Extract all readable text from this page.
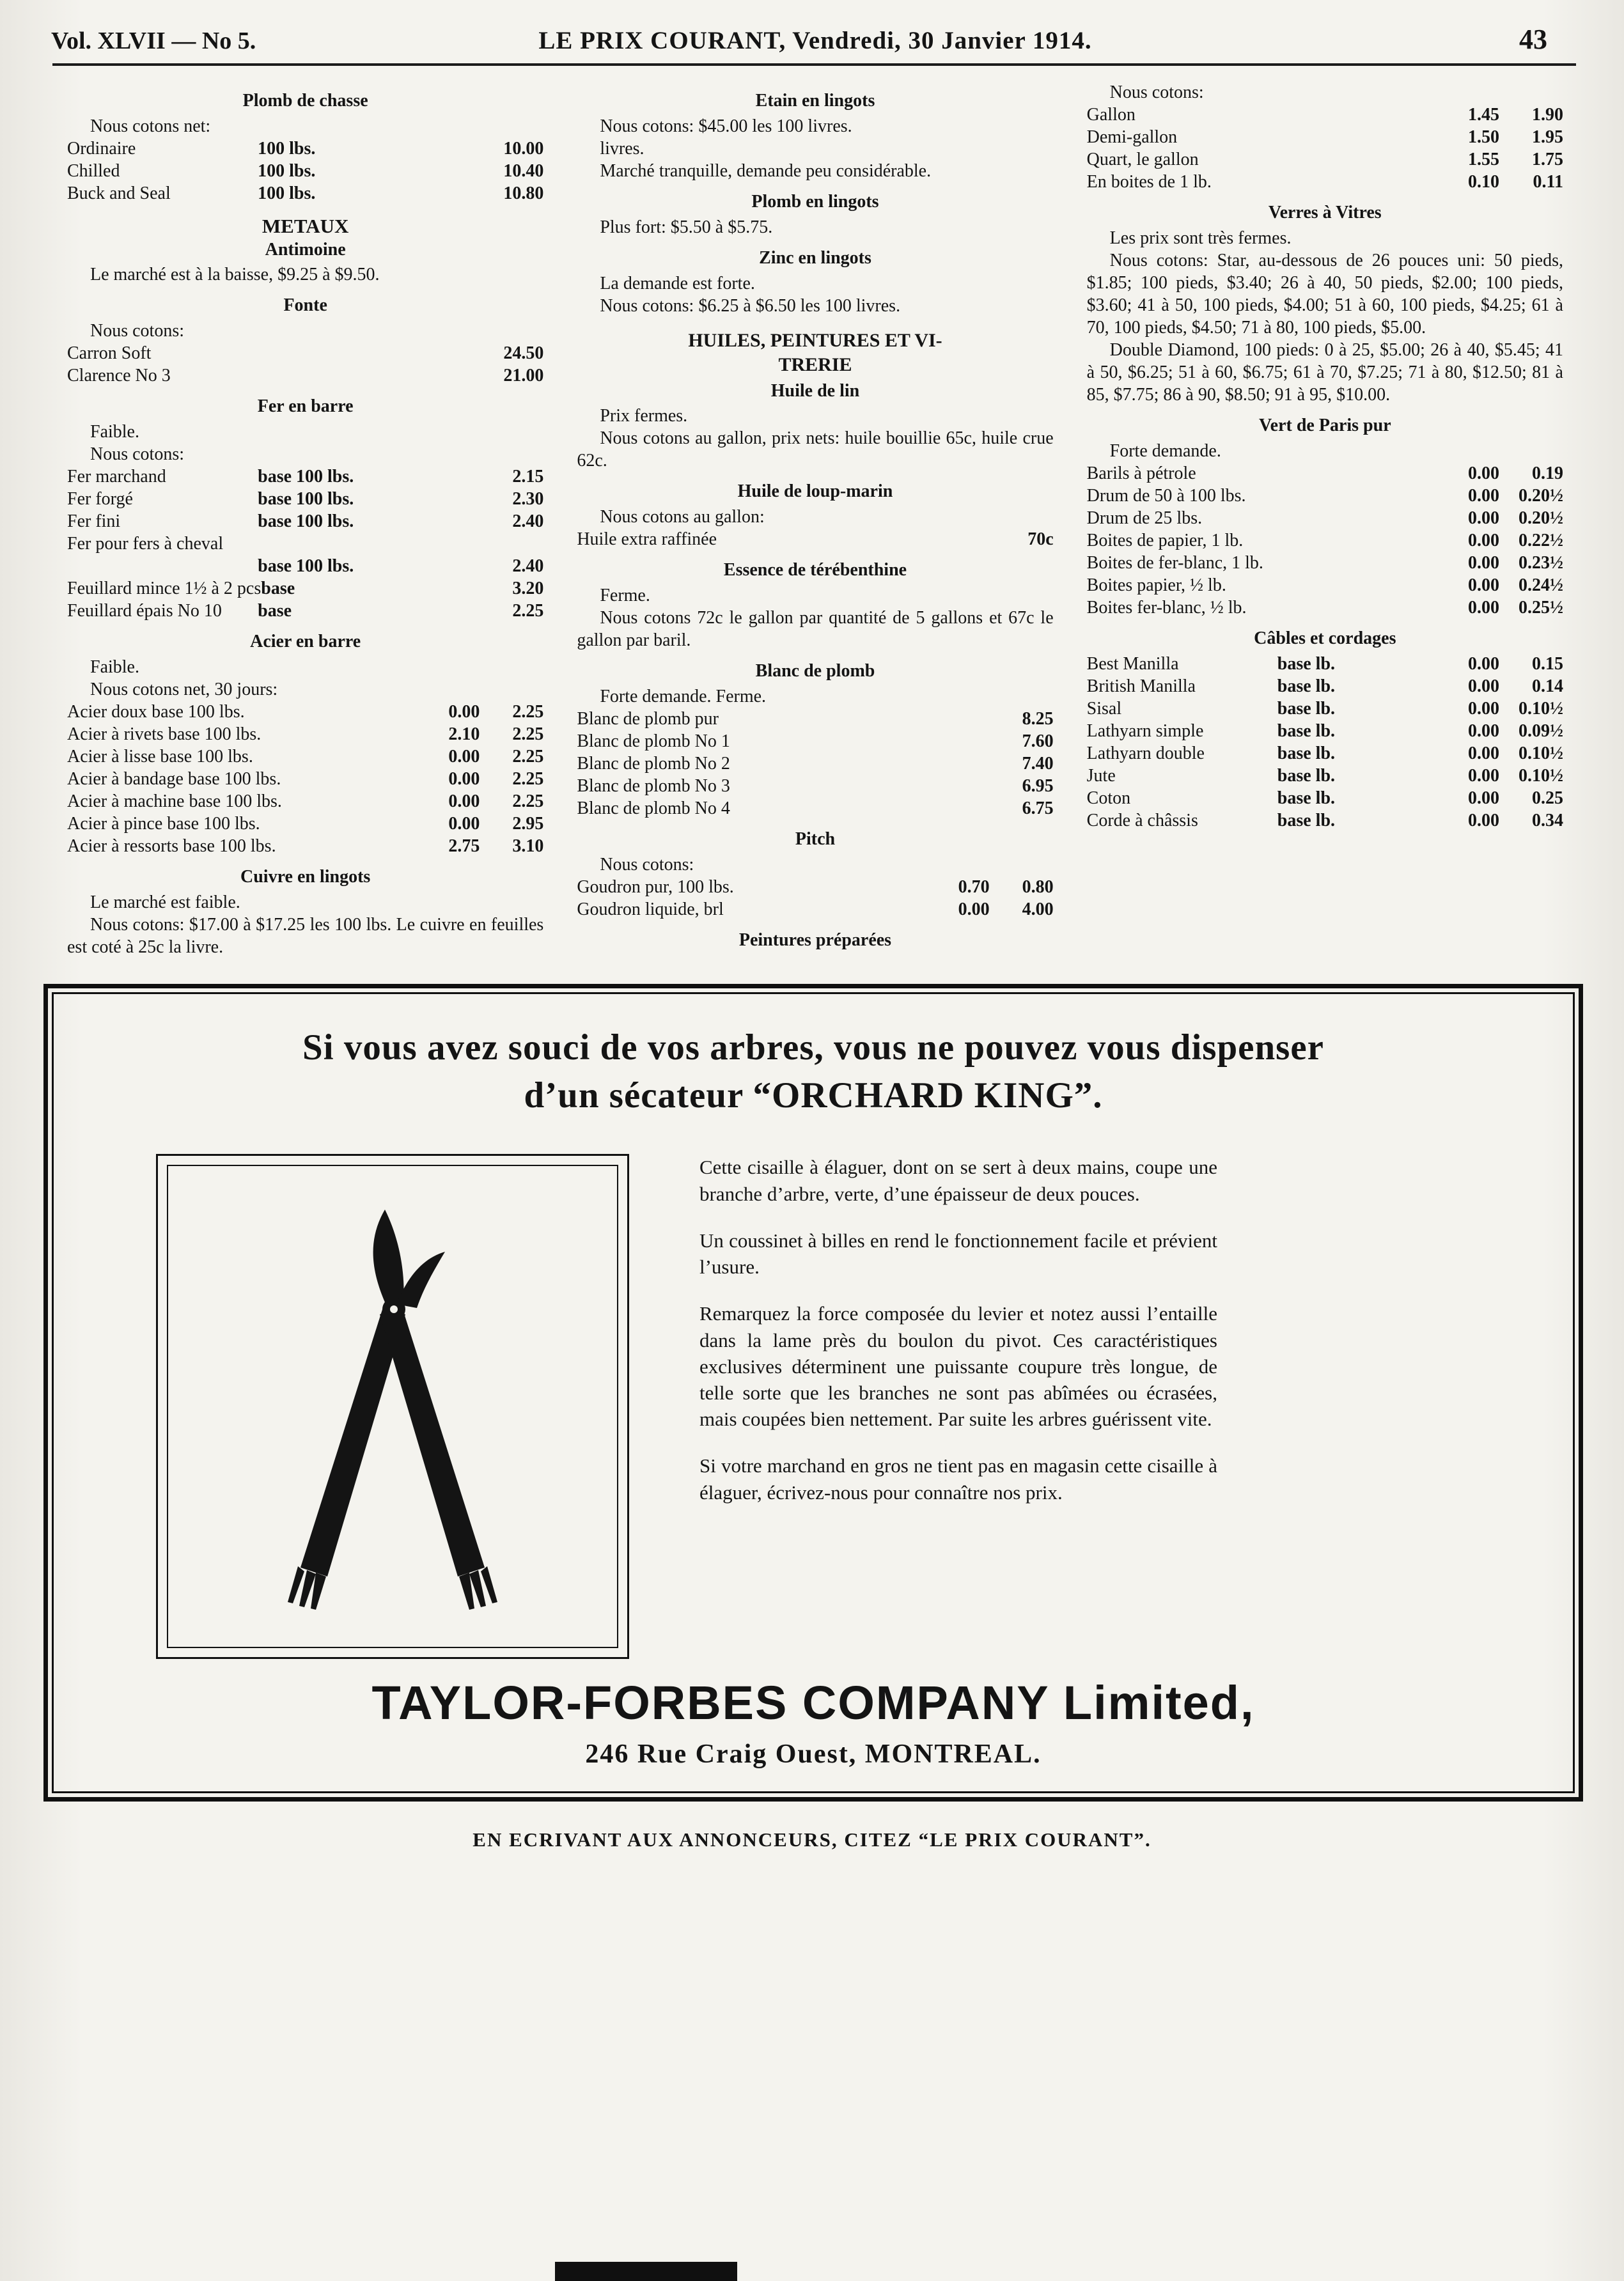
Vol. XLVII — No 5.	LE PRIX COURANT, Vendredi, 30 Janvier 1914.	43
Plomb de chasse

Nous cotons net:

Ordinaire	100 lbs.	10.00
Chilled	100 lbs.	10.40
Buck and Seal	100 lbs.	10.80
METAUX
Antimoine

Le marché est à la baisse, $9.25 à $9.50.

Fonte

Nous cotons:

Carron Soft	24.50
Clarence No 3	21.00
Fer en barre

Faible.

Nous cotons:

Fer marchand	base 100 lbs.	2.15
Fer forgé	base 100 lbs.	2.30
Fer fini	base 100 lbs.	2.40
Fer pour fers à cheval
base 100 lbs.	2.40
Feuillard mince 1½ à 2 pcs base	3.20
Feuillard épais No 10	base	2.25
Acier en barre

Faible.

Nous cotons net, 30 jours:

Acier doux base 100 lbs.	0.00	2.25
Acier à rivets base 100 lbs.	2.10	2.25
Acier à lisse base 100 lbs.	0.00	2.25
Acier à bandage base 100 lbs.	0.00	2.25
Acier à machine base 100 lbs.	0.00	2.25
Acier à pince base 100 lbs.	0.00	2.95
Acier à ressorts base 100 lbs.	2.75	3.10
Cuivre en lingots

Le marché est faible.

Nous cotons: $17.00 à $17.25 les 100 lbs. Le cuivre en feuilles est coté à 25c la livre.

Etain en lingots

Nous cotons: $45.00 les 100 livres.

livres.

Marché tranquille, demande peu considérable.

Plomb en lingots

Plus fort: $5.50 à $5.75.

Zinc en lingots

La demande est forte.

Nous cotons: $6.25 à $6.50 les 100 livres.

HUILES, PEINTURES ET VI-
TRERIE
Huile de lin

Prix fermes.

Nous cotons au gallon, prix nets: huile bouillie 65c, huile crue 62c.

Huile de loup-marin

Nous cotons au gallon:

Huile extra raffinée	70c
Essence de térébenthine

Ferme.

Nous cotons 72c le gallon par quantité de 5 gallons et 67c le gallon par baril.

Blanc de plomb

Forte demande. Ferme.

Blanc de plomb pur	8.25
Blanc de plomb No 1	7.60
Blanc de plomb No 2	7.40
Blanc de plomb No 3	6.95
Blanc de plomb No 4	6.75
Pitch

Nous cotons:

Goudron pur, 100 lbs.	0.70	0.80
Goudron liquide, brl	0.00	4.00
Peintures préparées

Nous cotons:

Gallon	1.45	1.90
Demi-gallon	1.50	1.95
Quart, le gallon	1.55	1.75
En boites de 1 lb.	0.10	0.11
Verres à Vitres

Les prix sont très fermes.

Nous cotons: Star, au-dessous de 26 pouces uni: 50 pieds, $1.85; 100 pieds, $3.40; 26 à 40, 50 pieds, $2.00; 100 pieds, $3.60; 41 à 50, 100 pieds, $4.00; 51 à 60, 100 pieds, $4.25; 61 à 70, 100 pieds, $4.50; 71 à 80, 100 pieds, $5.00.

Double Diamond, 100 pieds: 0 à 25, $5.00; 26 à 40, $5.45; 41 à 50, $6.25; 51 à 60, $6.75; 61 à 70, $7.25; 71 à 80, $12.50; 81 à 85, $7.75; 86 à 90, $8.50; 91 à 95, $10.00.

Vert de Paris pur

Forte demande.

Barils à pétrole	0.00	0.19
Drum de 50 à 100 lbs.	0.00	0.20½
Drum de 25 lbs.	0.00	0.20½
Boites de papier, 1 lb.	0.00	0.22½
Boites de fer-blanc, 1 lb.	0.00	0.23½
Boites papier, ½ lb.	0.00	0.24½
Boites fer-blanc, ½ lb.	0.00	0.25½
Câbles et cordages
Best Manilla	base lb.	0.00	0.15
British Manilla	base lb.	0.00	0.14
Sisal	base lb.	0.00	0.10½
Lathyarn simple	base lb.	0.00	0.09½
Lathyarn double	base lb.	0.00	0.10½
Jute	base lb.	0.00	0.10½
Coton	base lb.	0.00	0.25
Corde à châssis	base lb.	0.00	0.34
Si vous avez souci de vos arbres, vous ne pouvez vous dispenser
d’un sécateur “ORCHARD KING”.

Cette cisaille à élaguer, dont on se sert à deux mains, coupe une branche d’arbre, verte, d’une épaisseur de deux pouces.

Un coussinet à billes en rend le fonctionnement facile et prévient l’usure.

Remarquez la force composée du levier et notez aussi l’entaille dans la lame près du boulon du pivot. Ces caractéristiques exclusives déterminent une puissante coupure très longue, de telle sorte que les branches ne sont pas abîmées ou écrasées, mais coupées bien nettement. Par suite les arbres guérissent vite.

Si votre marchand en gros ne tient pas en magasin cette cisaille à élaguer, écrivez-nous pour connaître nos prix.

TAYLOR-FORBES COMPANY Limited,
246 Rue Craig Ouest, MONTREAL.
EN ECRIVANT AUX ANNONCEURS, CITEZ “LE PRIX COURANT”.
